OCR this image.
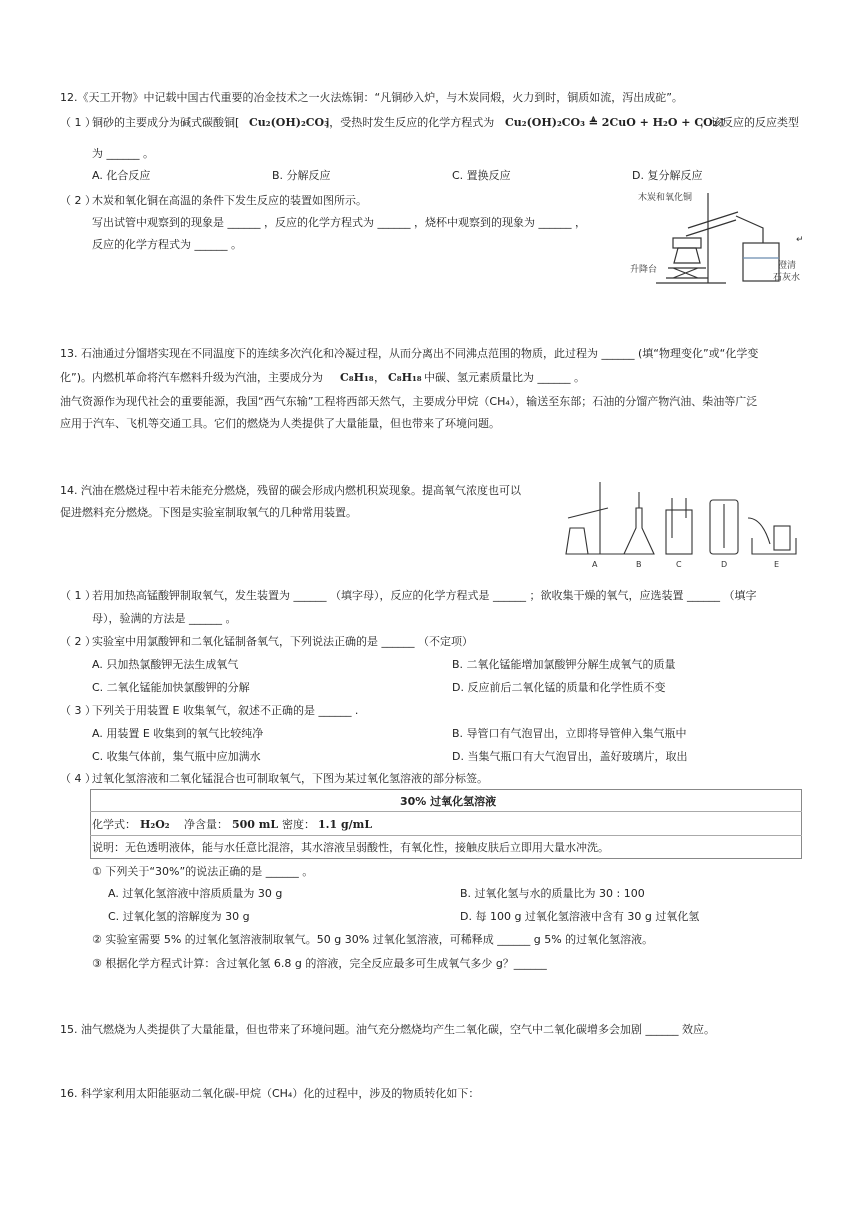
12.《天工开物》中记载中国古代重要的冶金技术之一火法炼铜：“凡铜砂入炉，与木炭同煅，火力到时，铜质如流，泻出成砣”。
（ 1 ）
铜砂的主要成分为碱式碳酸铜[ Cu₂(OH)₂CO₃
]，受热时发生反应的化学方程式为 Cu₂(OH)₂CO₃ ≜ 2CuO + H₂O + CO₂↑
，该反应的反应类型
为 ______ 。
A. 化合反应	B. 分解反应	C. 置换反应	D. 复分解反应
（ 2 ）
木炭和氧化铜在高温的条件下发生反应的装置如图所示。
写出试管中观察到的现象是 ______ ，反应的化学方程式为 ______ ，烧杯中观察到的现象为 ______ ，
反应的化学方程式为 ______ 。
木炭和氧化铜
升降台	澄清
石灰水
↵
13. 石油通过分馏塔实现在不同温度下的连续多次汽化和冷凝过程，从而分离出不同沸点范围的物质，此过程为 ______ (填“物理变化”或“化学变
化”)。内燃机革命将汽车燃料升级为汽油，主要成分为 C₈H₁₈ ， C₈H₁₈ 中碳、氢元素质量比为 ______ 。
油气资源作为现代社会的重要能源，我国“西气东输”工程将西部天然气，主要成分甲烷（CH₄），输送至东部；石油的分馏产物汽油、柴油等广泛
应用于汽车、飞机等交通工具。它们的燃烧为人类提供了大量能量，但也带来了环境问题。
14. 汽油在燃烧过程中若未能充分燃烧，残留的碳会形成内燃机积炭现象。提高氧气浓度也可以
促进燃料充分燃烧。下图是实验室制取氧气的几种常用装置。
A	B	C	D	E
（ 1 ）
若用加热高锰酸钾制取氧气，发生装置为 ______ （填字母），反应的化学方程式是 ______ ；欲收集干燥的氧气，应选装置 ______ （填字
母），验满的方法是 ______ 。
（ 2 ）
实验室中用氯酸钾和二氧化锰制备氧气，下列说法正确的是 ______ （不定项）
A. 只加热氯酸钾无法生成氧气	B. 二氧化锰能增加氯酸钾分解生成氧气的质量
C. 二氧化锰能加快氯酸钾的分解	D. 反应前后二氧化锰的质量和化学性质不变
（ 3 ）
下列关于用装置 E 收集氧气，叙述不正确的是 ______ .
A. 用装置 E 收集到的氧气比较纯净	B. 导管口有气泡冒出，立即将导管伸入集气瓶中
C. 收集气体前，集气瓶中应加满水	D. 当集气瓶口有大气泡冒出，盖好玻璃片，取出
（ 4 ）
过氧化氢溶液和二氧化锰混合也可制取氧气，下图为某过氧化氢溶液的部分标签。
30% 过氧化氢溶液
化学式： H₂O₂ 净含量： 500 mL 密度： 1.1 g/mL
说明：无色透明液体，能与水任意比混溶，其水溶液呈弱酸性，有氧化性，接触皮肤后立即用大量水冲洗。
① 下列关于“30%”的说法正确的是 ______ 。
A. 过氧化氢溶液中溶质质量为 30 g	B. 过氧化氢与水的质量比为 30 : 100
C. 过氧化氢的溶解度为 30 g	D. 每 100 g 过氧化氢溶液中含有 30 g 过氧化氢
② 实验室需要 5% 的过氧化氢溶液制取氧气。50 g 30% 过氧化氢溶液，可稀释成 ______ g 5% 的过氧化氢溶液。
③ 根据化学方程式计算：含过氧化氢 6.8 g 的溶液，完全反应最多可生成氧气多少 g？______
15. 油气燃烧为人类提供了大量能量，但也带来了环境问题。油气充分燃烧均产生二氧化碳，空气中二氧化碳增多会加剧 ______ 效应。
16. 科学家利用太阳能驱动二氧化碳-甲烷（CH₄）化的过程中，涉及的物质转化如下：
